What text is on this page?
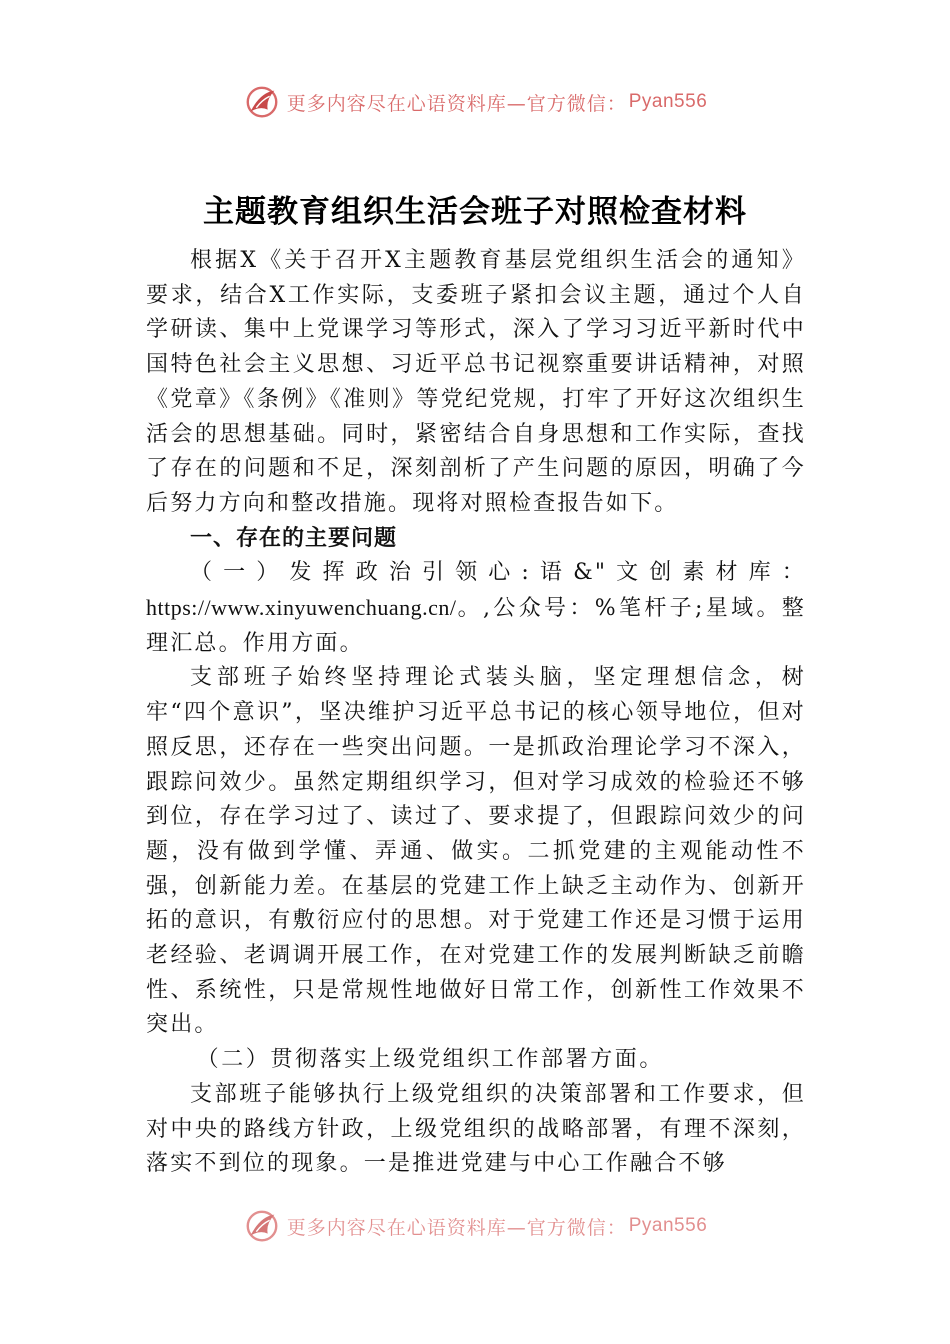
更多内容尽在心语资料库—官方微信： Pyan556
主题教育组织生活会班子对照检查材料

根据X《关于召开X主题教育基层党组织生活会的通知》要求，结合X工作实际，支委班子紧扣会议主题，通过个人自学研读、集中上党课学习等形式，深入了学习习近平新时代中国特色社会主义思想、习近平总书记视察重要讲话精神，对照《党章》《条例》《准则》等党纪党规，打牢了开好这次组织生活会的思想基础。同时，紧密结合自身思想和工作实际，查找了存在的问题和不足，深刻剖析了产生问题的原因，明确了今后努力方向和整改措施。现将对照检查报告如下。

一、存在的主要问题

（一）发挥政治引领心:语&"文创素材库：https://www.xinyuwenchuang.cn/。,公众号：%笔杆子;星域。整理汇总。作用方面。

支部班子始终坚持理论式装头脑，坚定理想信念，树牢“四个意识”，坚决维护习近平总书记的核心领导地位，但对照反思，还存在一些突出问题。一是抓政治理论学习不深入，跟踪问效少。虽然定期组织学习，但对学习成效的检验还不够到位，存在学习过了、读过了、要求提了，但跟踪问效少的问题，没有做到学懂、弄通、做实。二抓党建的主观能动性不强，创新能力差。在基层的党建工作上缺乏主动作为、创新开拓的意识，有敷衍应付的思想。对于党建工作还是习惯于运用老经验、老调调开展工作，在对党建工作的发展判断缺乏前瞻性、系统性，只是常规性地做好日常工作，创新性工作效果不突出。

（二）贯彻落实上级党组织工作部署方面。

支部班子能够执行上级党组织的决策部署和工作要求，但对中央的路线方针政，上级党组织的战略部署，有理不深刻，落实不到位的现象。一是推进党建与中心工作融合不够

更多内容尽在心语资料库—官方微信： Pyan556
